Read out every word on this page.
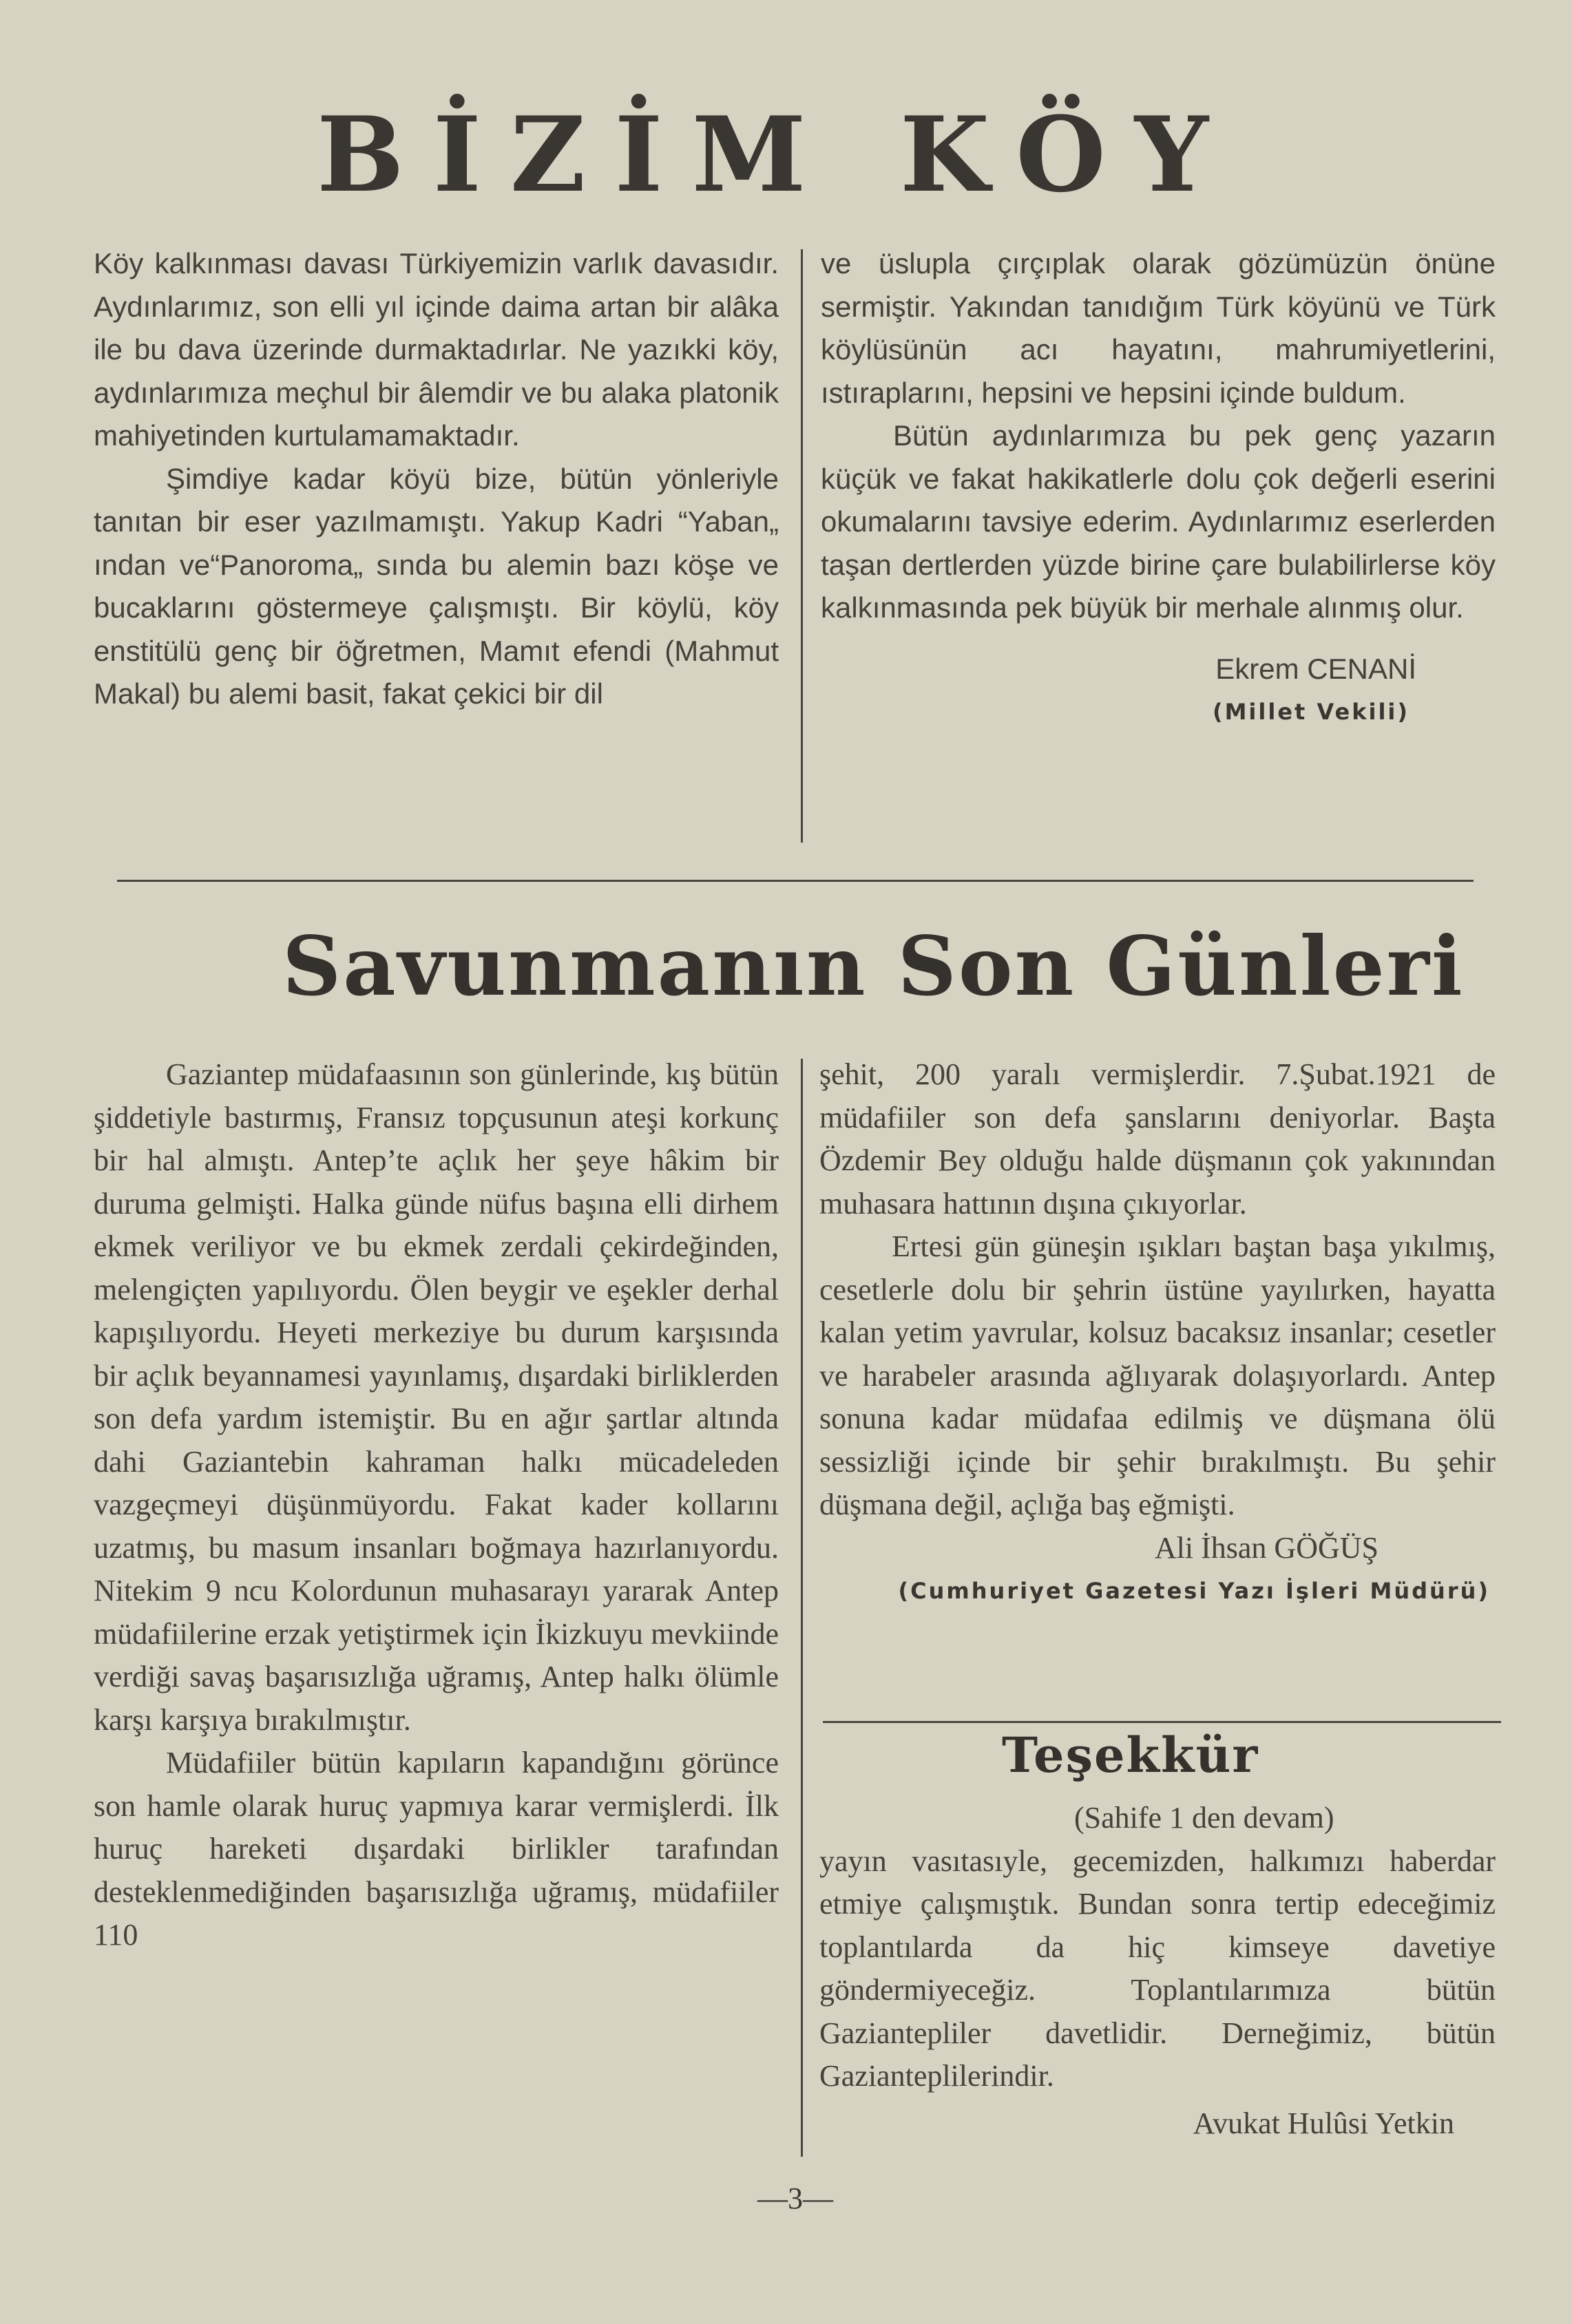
BİZİM KÖY

Köy kalkınması davası Türkiyemizin varlık davasıdır. Aydınlarımız, son elli yıl içinde daima artan bir alâka ile bu dava üzerinde durmaktadırlar. Ne yazıkki köy, aydınlarımıza meçhul bir âlemdir ve bu alaka platonik mahiyetinden kurtulamamaktadır.

Şimdiye kadar köyü bize, bütün yönleriyle tanıtan bir eser yazılmamıştı. Yakup Kadri “Yaban„ ından ve“Panoroma„ sında bu alemin bazı köşe ve bucaklarını göstermeye çalışmıştı. Bir köylü, köy enstitülü genç bir öğretmen, Mamıt efendi (Mahmut Makal) bu alemi basit, fakat çekici bir dil

ve üslupla çırçıplak olarak gözümüzün önüne sermiştir. Yakından tanıdığım Türk köyünü ve Türk köylüsünün acı hayatını, mahrumiyetlerini, ıstıraplarını, hepsini ve hepsini içinde buldum.

Bütün aydınlarımıza bu pek genç yazarın küçük ve fakat hakikatlerle dolu çok değerli eserini okumalarını tavsiye ederim. Aydınlarımız eserlerden taşan dertlerden yüzde birine çare bulabilirlerse köy kalkınmasında pek büyük bir merhale alınmış olur.

Ekrem CENANİ

(Millet Vekili)

Savunmanın Son Günleri

Gaziantep müdafaasının son günlerinde, kış bütün şiddetiyle bastırmış, Fransız topçusunun ateşi korkunç bir hal almıştı. Antep’te açlık her şeye hâkim bir duruma gelmişti. Halka günde nüfus başına elli dirhem ekmek veriliyor ve bu ekmek zerdali çekirdeğinden, melengiçten yapılıyordu. Ölen beygir ve eşekler derhal kapışılıyordu. Heyeti merkeziye bu durum karşısında bir açlık beyannamesi yayınlamış, dışardaki birliklerden son defa yardım istemiştir. Bu en ağır şartlar altında dahi Gaziantebin kahraman halkı mücadeleden vazgeçmeyi düşünmüyordu. Fakat kader kollarını uzatmış, bu masum insanları boğmaya hazırlanıyordu. Nitekim 9 ncu Kolordunun muhasarayı yararak Antep müdafiilerine erzak yetiştirmek için İkizkuyu mevkiinde verdiği savaş başarısızlığa uğramış, Antep halkı ölümle karşı karşıya bırakılmıştır.

Müdafiiler bütün kapıların kapandığını görünce son hamle olarak huruç yapmıya karar vermişlerdi. İlk huruç hareketi dışardaki birlikler tarafından desteklenmediğinden başarısızlığa uğramış, müdafiiler 110

şehit, 200 yaralı vermişlerdir. 7.Şubat.1921 de müdafiiler son defa şanslarını deniyorlar. Başta Özdemir Bey olduğu halde düşmanın çok yakınından muhasara hattının dışına çıkıyorlar.

Ertesi gün güneşin ışıkları baştan başa yıkılmış, cesetlerle dolu bir şehrin üstüne yayılırken, hayatta kalan yetim yavrular, kolsuz bacaksız insanlar; cesetler ve harabeler arasında ağlıyarak dolaşıyorlardı. Antep sonuna kadar müdafaa edilmiş ve düşmana ölü sessizliği içinde bir şehir bırakılmıştı. Bu şehir düşmana değil, açlığa baş eğmişti.

Ali İhsan GÖĞÜŞ

(Cumhuriyet Gazetesi Yazı İşleri Müdürü)

Teşekkür

(Sahife 1 den devam)

yayın vasıtasıyle, gecemizden, halkımızı haberdar etmiye çalışmıştık. Bundan sonra tertip edeceğimiz toplantılarda da hiç kimseye davetiye göndermiyeceğiz. Toplantılarımıza bütün Gaziantepliler davetlidir. Derneğimiz, bütün Gazianteplilerindir.

Avukat Hulûsi Yetkin

—3—
